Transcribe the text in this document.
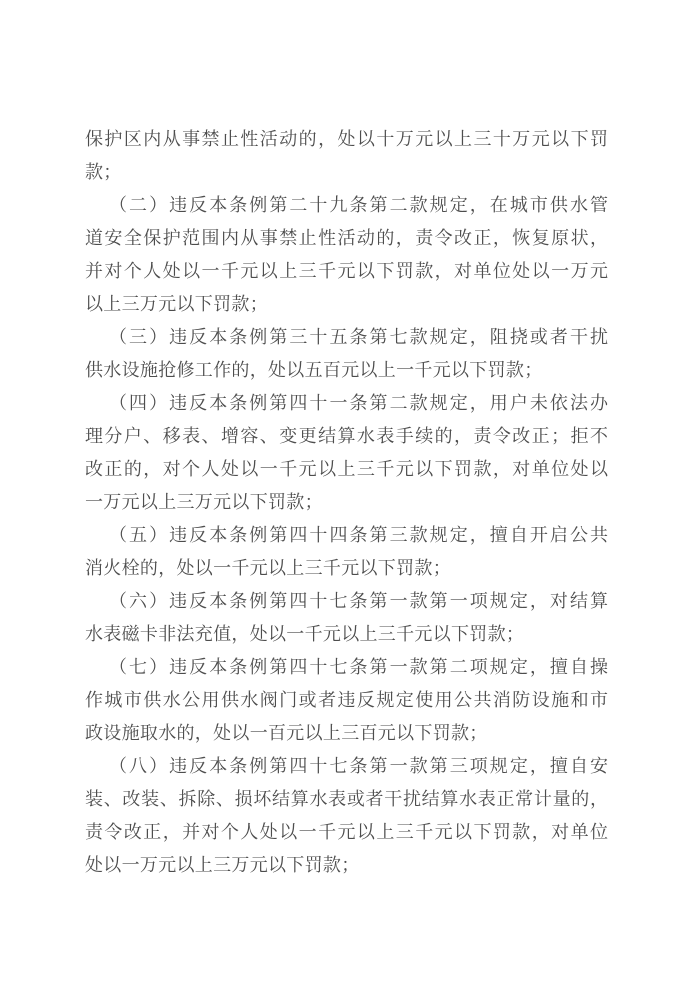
保护区内从事禁止性活动的，处以十万元以上三十万元以下罚
款；
（二）违反本条例第二十九条第二款规定，在城市供水管
道安全保护范围内从事禁止性活动的，责令改正，恢复原状，
并对个人处以一千元以上三千元以下罚款，对单位处以一万元
以上三万元以下罚款；
（三）违反本条例第三十五条第七款规定，阻挠或者干扰
供水设施抢修工作的，处以五百元以上一千元以下罚款；
（四）违反本条例第四十一条第二款规定，用户未依法办
理分户、移表、增容、变更结算水表手续的，责令改正；拒不
改正的，对个人处以一千元以上三千元以下罚款，对单位处以
一万元以上三万元以下罚款；
（五）违反本条例第四十四条第三款规定，擅自开启公共
消火栓的，处以一千元以上三千元以下罚款；
（六）违反本条例第四十七条第一款第一项规定，对结算
水表磁卡非法充值，处以一千元以上三千元以下罚款；
（七）违反本条例第四十七条第一款第二项规定，擅自操
作城市供水公用供水阀门或者违反规定使用公共消防设施和市
政设施取水的，处以一百元以上三百元以下罚款；
（八）违反本条例第四十七条第一款第三项规定，擅自安
装、改装、拆除、损坏结算水表或者干扰结算水表正常计量的，
责令改正，并对个人处以一千元以上三千元以下罚款，对单位
处以一万元以上三万元以下罚款；
